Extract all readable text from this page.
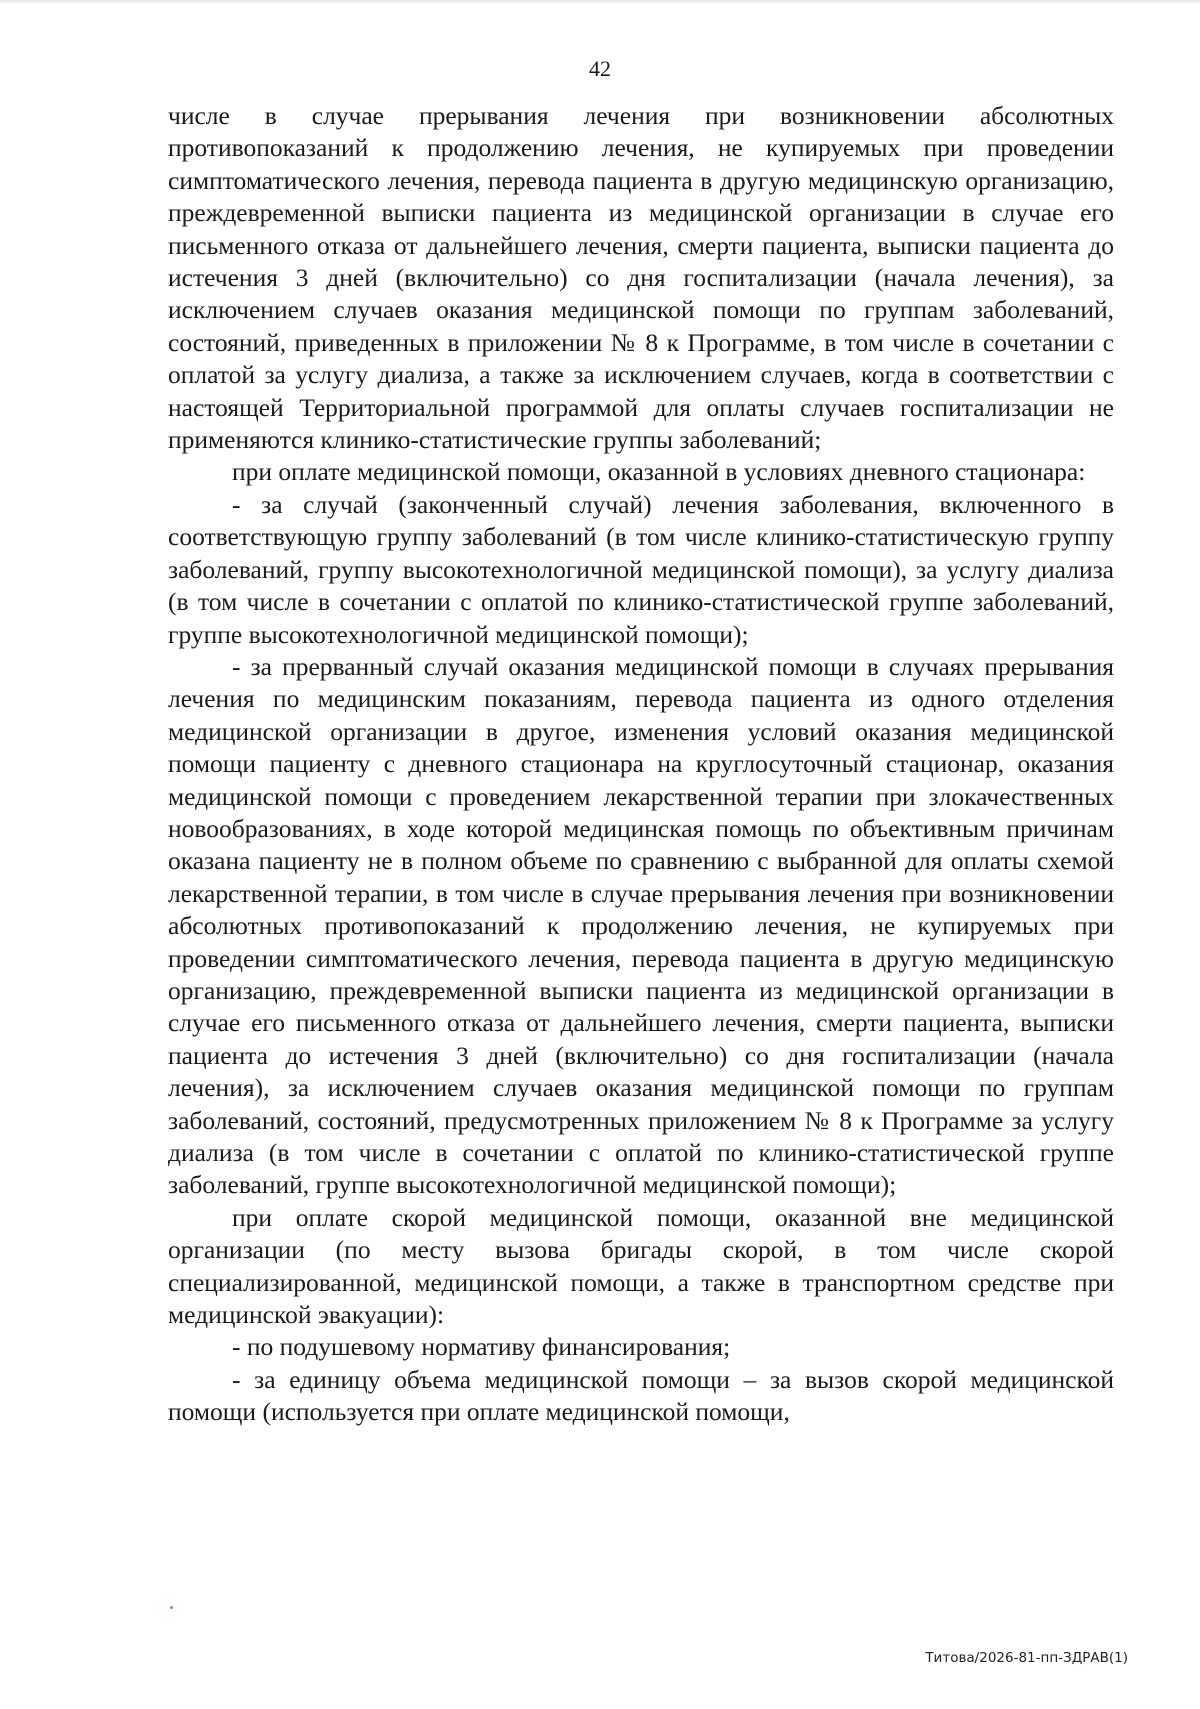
42

числе в случае прерывания лечения при возникновении абсолютных противопоказаний к продолжению лечения, не купируемых при проведении симптоматического лечения, перевода пациента в другую медицинскую организацию, преждевременной выписки пациента из медицинской организации в случае его письменного отказа от дальнейшего лечения, смерти пациента, выписки пациента до истечения 3 дней (включительно) со дня госпитализации (начала лечения), за исключением случаев оказания медицинской помощи по группам заболеваний, состояний, приведенных в приложении № 8 к Программе, в том числе в сочетании с оплатой за услугу диализа, а также за исключением случаев, когда в соответствии с настоящей Территориальной программой для оплаты случаев госпитализации не применяются клинико-статистические группы заболеваний;

при оплате медицинской помощи, оказанной в условиях дневного стационара:

- за случай (законченный случай) лечения заболевания, включенного в соответствующую группу заболеваний (в том числе клинико-статистическую группу заболеваний, группу высокотехнологичной медицинской помощи), за услугу диализа (в том числе в сочетании с оплатой по клинико-статистической группе заболеваний, группе высокотехнологичной медицинской помощи);

- за прерванный случай оказания медицинской помощи в случаях прерывания лечения по медицинским показаниям, перевода пациента из одного отделения медицинской организации в другое, изменения условий оказания медицинской помощи пациенту с дневного стационара на круглосуточный стационар, оказания медицинской помощи с проведением лекарственной терапии при злокачественных новообразованиях, в ходе которой медицинская помощь по объективным причинам оказана пациенту не в полном объеме по сравнению с выбранной для оплаты схемой лекарственной терапии, в том числе в случае прерывания лечения при возникновении абсолютных противопоказаний к продолжению лечения, не купируемых при проведении симптоматического лечения, перевода пациента в другую медицинскую организацию, преждевременной выписки пациента из медицинской организации в случае его письменного отказа от дальнейшего лечения, смерти пациента, выписки пациента до истечения 3 дней (включительно) со дня госпитализации (начала лечения), за исключением случаев оказания медицинской помощи по группам заболеваний, состояний, предусмотренных приложением № 8 к Программе за услугу диализа (в том числе в сочетании с оплатой по клинико-статистической группе заболеваний, группе высокотехнологичной медицинской помощи);

при оплате скорой медицинской помощи, оказанной вне медицинской организации (по месту вызова бригады скорой, в том числе скорой специализированной, медицинской помощи, а также в транспортном средстве при медицинской эвакуации):

- по подушевому нормативу финансирования;

- за единицу объема медицинской помощи – за вызов скорой медицинской помощи (используется при оплате медицинской помощи,

Титова/2026-81-пп-ЗДРАВ(1)
